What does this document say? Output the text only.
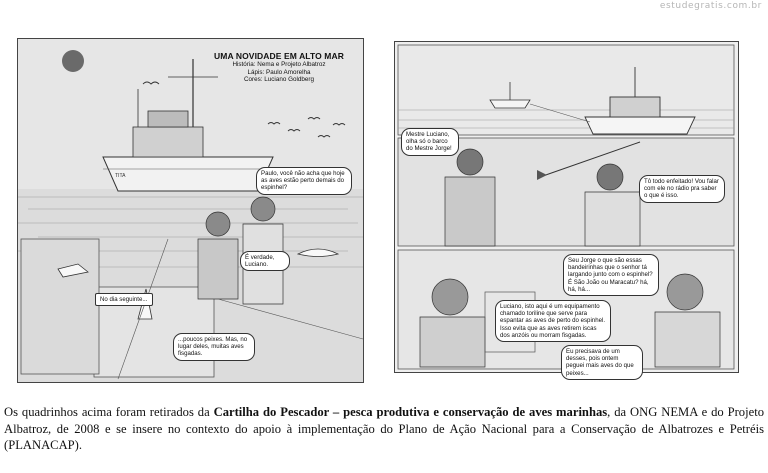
estudegratis.com.br
UMA NOVIDADE EM ALTO MAR
História: Nema e Projeto Albatroz
Lápis: Paulo Amorelha
Cores: Luciano Goldberg
TITA	Paulo, você não acha que hoje as aves estão perto demais do espinhel?
É verdade, Luciano.
No dia seguinte...
...poucos peixes. Mas, no lugar deles, muitas aves fisgadas.
Mestre Luciano, olha só o barco do Mestre Jorge!
Tô todo enfeitado! Vou falar com ele no rádio pra saber o que é isso.
Seu Jorge o que são essas bandeirinhas que o senhor tá largando junto com o espinhel? É São João ou Maracatu? há, há, há...
Luciano, isto aqui é um equipamento chamado toriline que serve para espantar as aves de perto do espinhel. Isso evita que as aves retirem iscas dos anzóis ou morram fisgadas.
Eu precisava de um desses, pois ontem peguei mais aves do que peixes...
Os quadrinhos acima foram retirados da Cartilha do Pescador – pesca produtiva e conservação de aves marinhas, da ONG NEMA e do Projeto Albatroz, de 2008 e se insere no contexto do apoio à implementação do Plano de Ação Nacional para a Conservação de Albatrozes e Petréis (PLANACAP).
